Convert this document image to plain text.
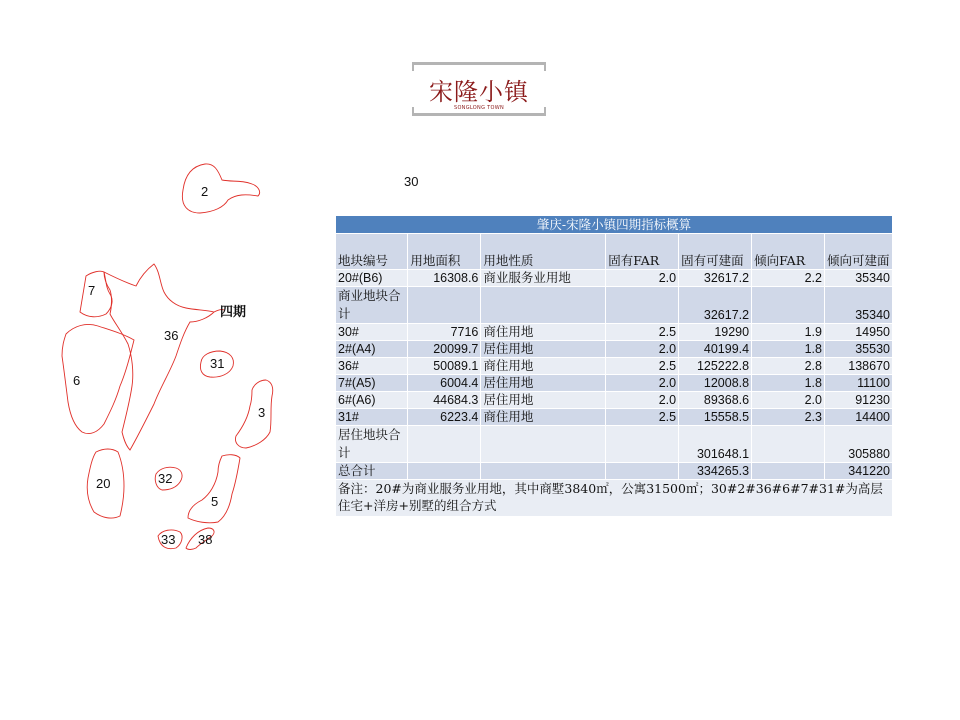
宋隆小镇
SONGLONG TOWN
2
30
7
36
31
6
3
20	32
5
33 38
四期
肇庆-宋隆小镇四期指标概算						
地块编号	用地面积	用地性质	固有FAR	固有可建面	倾向FAR	倾向可建面
20#(B6)	16308.6	商业服务业用地	2.0	32617.2	2.2	35340
商业地块合计				32617.2		35340
30#	7716	商住用地	2.5	19290	1.9	14950
2#(A4)	20099.7	居住用地	2.0	40199.4	1.8	35530
36#	50089.1	商住用地	2.5	125222.8	2.8	138670
7#(A5)	6004.4	居住用地	2.0	12008.8	1.8	11100
6#(A6)	44684.3	居住用地	2.0	89368.6	2.0	91230
31#	6223.4	商住用地	2.5	15558.5	2.3	14400
居住地块合计				301648.1		305880
总合计				334265.3		341220
备注：20#为商业服务业用地，其中商墅3840㎡，公寓31500㎡；30#2#36#6#7#31#为高层住宅+洋房+别墅的组合方式						
